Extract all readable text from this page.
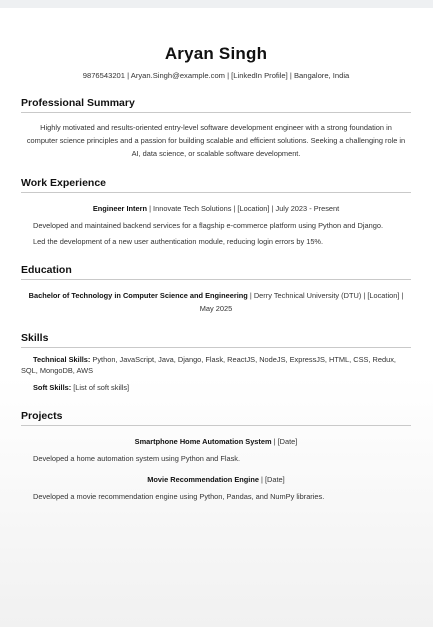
Aryan Singh
9876543201 | Aryan.Singh@example.com | [LinkedIn Profile] | Bangalore, India
Professional Summary
Highly motivated and results-oriented entry-level software development engineer with a strong foundation in computer science principles and a passion for building scalable and efficient solutions. Seeking a challenging role in AI, data science, or scalable software development.
Work Experience
Engineer Intern | Innovate Tech Solutions | [Location] | July 2023 - Present
Developed and maintained backend services for a flagship e-commerce platform using Python and Django.
Led the development of a new user authentication module, reducing login errors by 15%.
Education
Bachelor of Technology in Computer Science and Engineering | Derry Technical University (DTU) | [Location] | May 2025
Skills
Technical Skills: Python, JavaScript, Java, Django, Flask, ReactJS, NodeJS, ExpressJS, HTML, CSS, Redux, SQL, MongoDB, AWS
Soft Skills: [List of soft skills]
Projects
Smartphone Home Automation System | [Date]
Developed a home automation system using Python and Flask.
Movie Recommendation Engine | [Date]
Developed a movie recommendation engine using Python, Pandas, and NumPy libraries.
